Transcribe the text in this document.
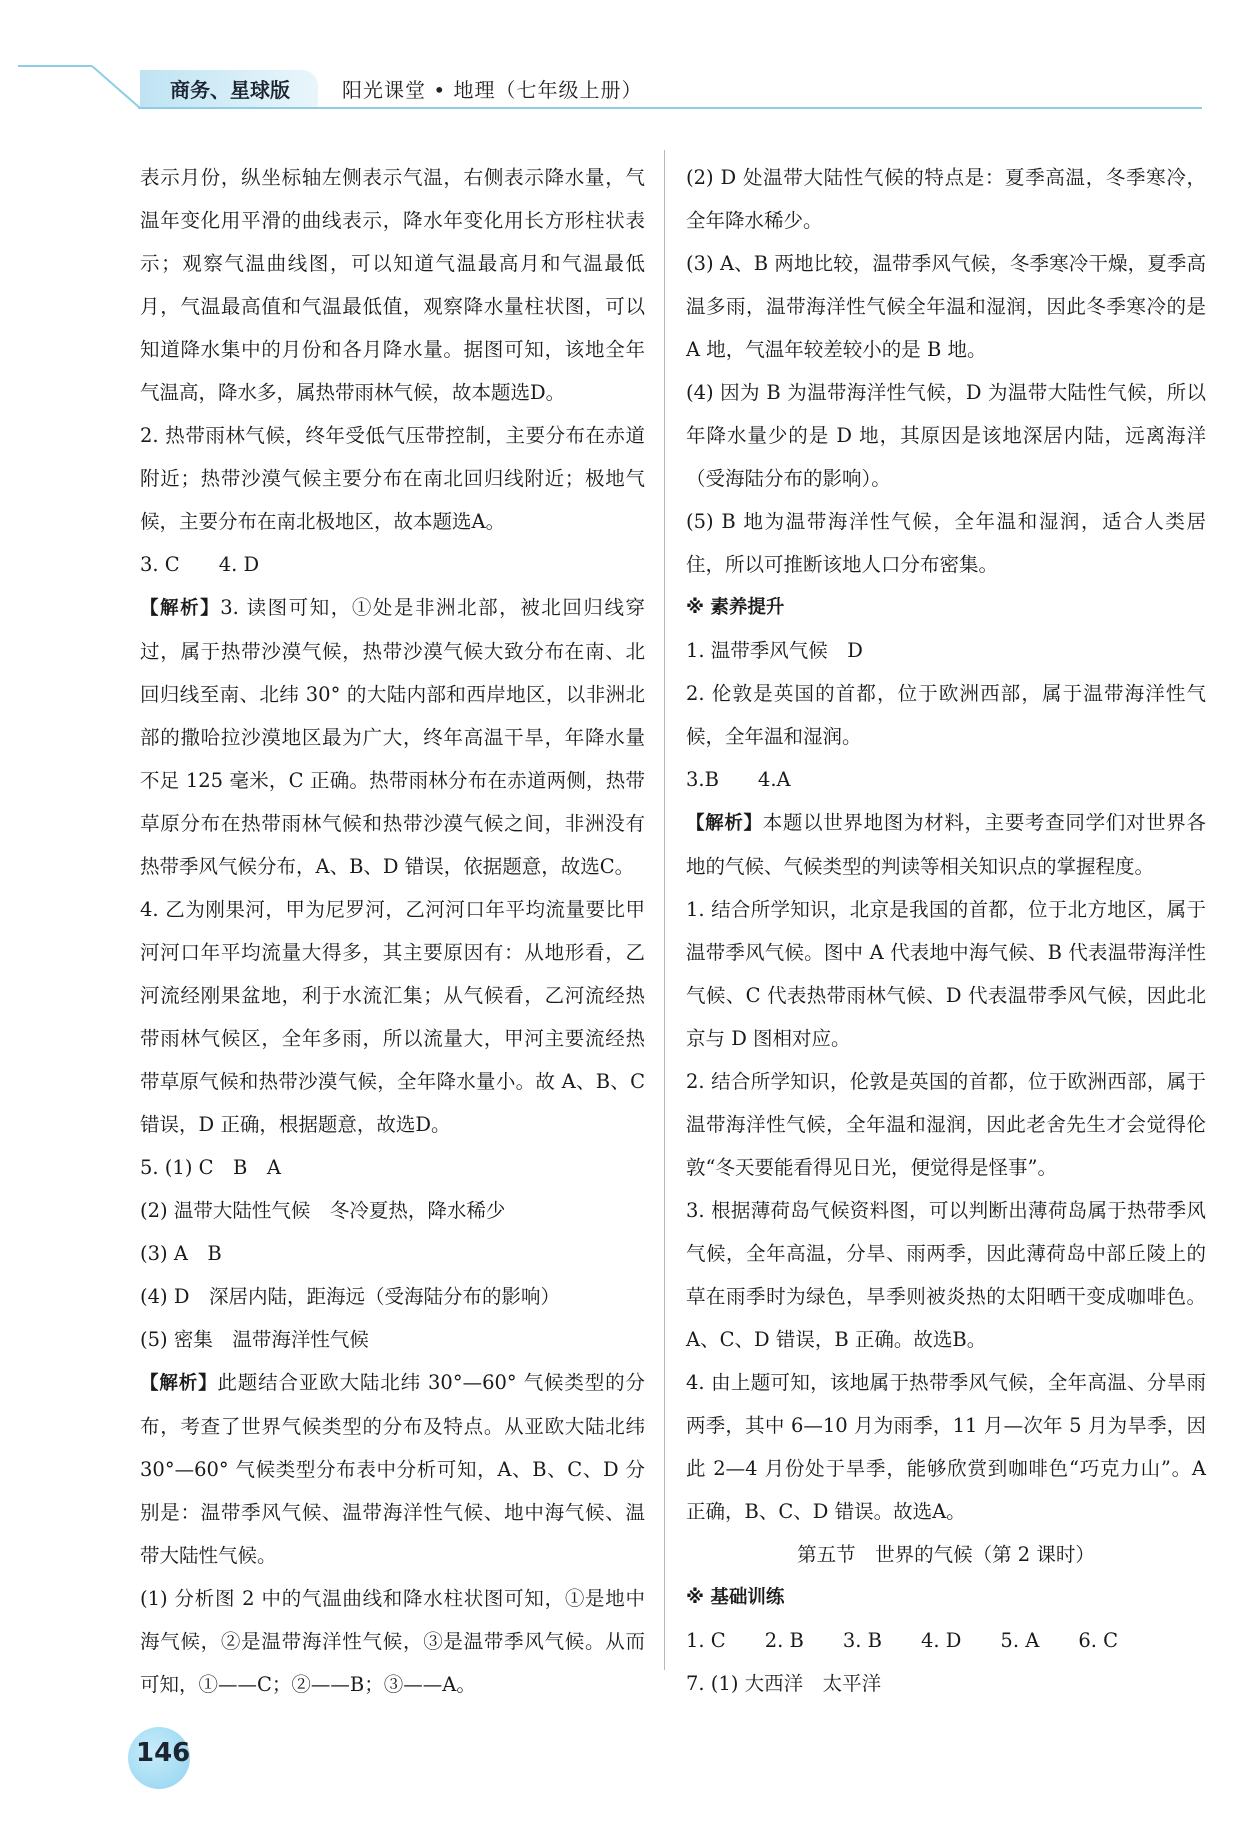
商务、星球版	阳光课堂 • 地理（七年级上册）

表示月份，纵坐标轴左侧表示气温，右侧表示降水量，气温年变化用平滑的曲线表示，降水年变化用长方形柱状表示；观察气温曲线图，可以知道气温最高月和气温最低月，气温最高值和气温最低值，观察降水量柱状图，可以知道降水集中的月份和各月降水量。据图可知，该地全年气温高，降水多，属热带雨林气候，故本题选D。

2. 热带雨林气候，终年受低气压带控制，主要分布在赤道附近；热带沙漠气候主要分布在南北回归线附近；极地气候，主要分布在南北极地区，故本题选A。

3. C　　4. D

【解析】3. 读图可知，①处是非洲北部，被北回归线穿过，属于热带沙漠气候，热带沙漠气候大致分布在南、北回归线至南、北纬 30° 的大陆内部和西岸地区，以非洲北部的撒哈拉沙漠地区最为广大，终年高温干旱，年降水量不足 125 毫米，C 正确。热带雨林分布在赤道两侧，热带草原分布在热带雨林气候和热带沙漠气候之间，非洲没有热带季风气候分布，A、B、D 错误，依据题意，故选C。

4. 乙为刚果河，甲为尼罗河，乙河河口年平均流量要比甲河河口年平均流量大得多，其主要原因有：从地形看，乙河流经刚果盆地，利于水流汇集；从气候看，乙河流经热带雨林气候区，全年多雨，所以流量大，甲河主要流经热带草原气候和热带沙漠气候，全年降水量小。故 A、B、C 错误，D 正确，根据题意，故选D。

5. (1) C　B　A

(2) 温带大陆性气候　冬冷夏热，降水稀少

(3) A　B

(4) D　深居内陆，距海远（受海陆分布的影响）

(5) 密集　温带海洋性气候

【解析】此题结合亚欧大陆北纬 30°—60° 气候类型的分布，考查了世界气候类型的分布及特点。从亚欧大陆北纬 30°—60° 气候类型分布表中分析可知，A、B、C、D 分别是：温带季风气候、温带海洋性气候、地中海气候、温带大陆性气候。

(1) 分析图 2 中的气温曲线和降水柱状图可知，①是地中海气候，②是温带海洋性气候，③是温带季风气候。从而可知，①——C；②——B；③——A。

(2) D 处温带大陆性气候的特点是：夏季高温，冬季寒冷，全年降水稀少。

(3) A、B 两地比较，温带季风气候，冬季寒冷干燥，夏季高温多雨，温带海洋性气候全年温和湿润，因此冬季寒冷的是 A 地，气温年较差较小的是 B 地。

(4) 因为 B 为温带海洋性气候，D 为温带大陆性气候，所以年降水量少的是 D 地，其原因是该地深居内陆，远离海洋（受海陆分布的影响）。

(5) B 地为温带海洋性气候，全年温和湿润，适合人类居住，所以可推断该地人口分布密集。

※ 素养提升

1. 温带季风气候　D

2. 伦敦是英国的首都，位于欧洲西部，属于温带海洋性气候，全年温和湿润。

3.B　　4.A

【解析】本题以世界地图为材料，主要考查同学们对世界各地的气候、气候类型的判读等相关知识点的掌握程度。

1. 结合所学知识，北京是我国的首都，位于北方地区，属于温带季风气候。图中 A 代表地中海气候、B 代表温带海洋性气候、C 代表热带雨林气候、D 代表温带季风气候，因此北京与 D 图相对应。

2. 结合所学知识，伦敦是英国的首都，位于欧洲西部，属于温带海洋性气候，全年温和湿润，因此老舍先生才会觉得伦敦“冬天要能看得见日光，便觉得是怪事”。

3. 根据薄荷岛气候资料图，可以判断出薄荷岛属于热带季风气候，全年高温，分旱、雨两季，因此薄荷岛中部丘陵上的草在雨季时为绿色，旱季则被炎热的太阳晒干变成咖啡色。A、C、D 错误，B 正确。故选B。

4. 由上题可知，该地属于热带季风气候，全年高温、分旱雨两季，其中 6—10 月为雨季，11 月—次年 5 月为旱季，因此 2—4 月份处于旱季，能够欣赏到咖啡色“巧克力山”。A 正确，B、C、D 错误。故选A。

第五节　世界的气候（第 2 课时）

※ 基础训练

1. C　　2. B　　3. B　　4. D　　5. A　　6. C

7. (1) 大西洋　太平洋

146
